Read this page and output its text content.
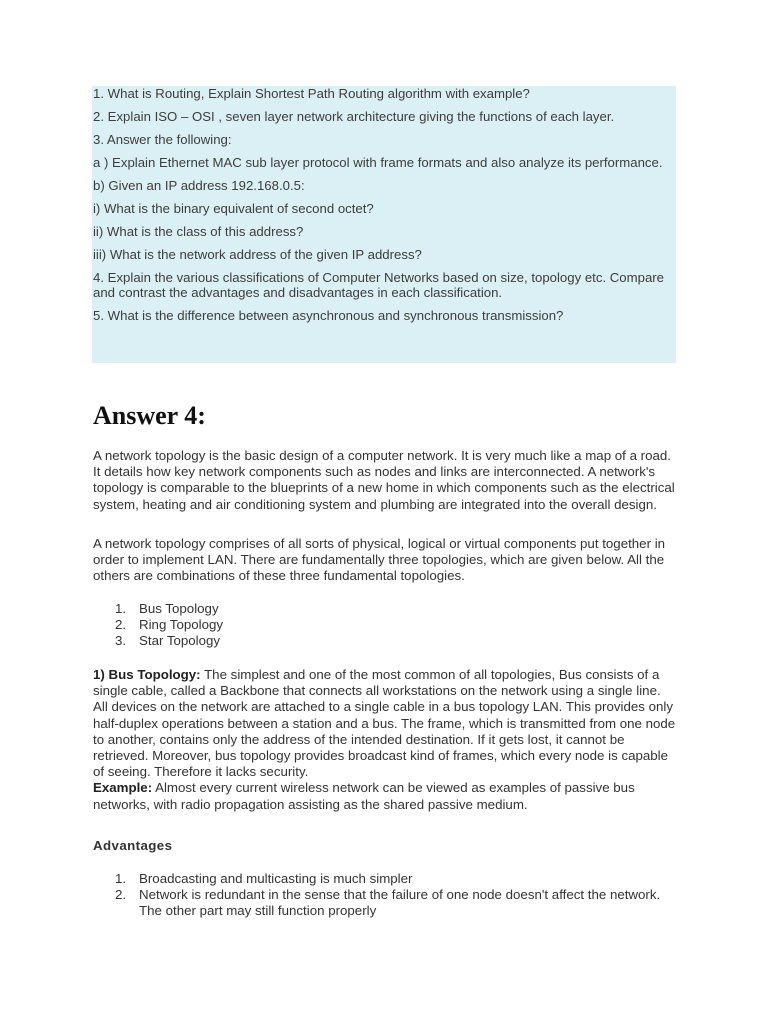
1. What is Routing, Explain Shortest Path Routing algorithm with example?

2. Explain ISO – OSI , seven layer network architecture giving the functions of each layer.

3. Answer the following:

a ) Explain Ethernet MAC sub layer protocol with frame formats and also analyze its performance.

b) Given an IP address 192.168.0.5:

i) What is the binary equivalent of second octet?

ii) What is the class of this address?

iii) What is the network address of the given IP address?

4. Explain the various classifications of Computer Networks based on size, topology etc. Compare and contrast the advantages and disadvantages in each classification.

5. What is the difference between asynchronous and synchronous transmission?

Answer 4:

A network topology is the basic design of a computer network. It is very much like a map of a road. It details how key network components such as nodes and links are interconnected. A network's topology is comparable to the blueprints of a new home in which components such as the electrical system, heating and air conditioning system and plumbing are integrated into the overall design.

A network topology comprises of all sorts of physical, logical or virtual components put together in order to implement LAN. There are fundamentally three topologies, which are given below. All the others are combinations of these three fundamental topologies.

1. Bus Topology
2. Ring Topology
3. Star Topology

1) Bus Topology: The simplest and one of the most common of all topologies, Bus consists of a single cable, called a Backbone that connects all workstations on the network using a single line. All devices on the network are attached to a single cable in a bus topology LAN. This provides only half-duplex operations between a station and a bus. The frame, which is transmitted from one node to another, contains only the address of the intended destination. If it gets lost, it cannot be retrieved. Moreover, bus topology provides broadcast kind of frames, which every node is capable of seeing. Therefore it lacks security.
Example: Almost every current wireless network can be viewed as examples of passive bus networks, with radio propagation assisting as the shared passive medium.

Advantages
1. Broadcasting and multicasting is much simpler
2. Network is redundant in the sense that the failure of one node doesn't affect the network. The other part may still function properly
